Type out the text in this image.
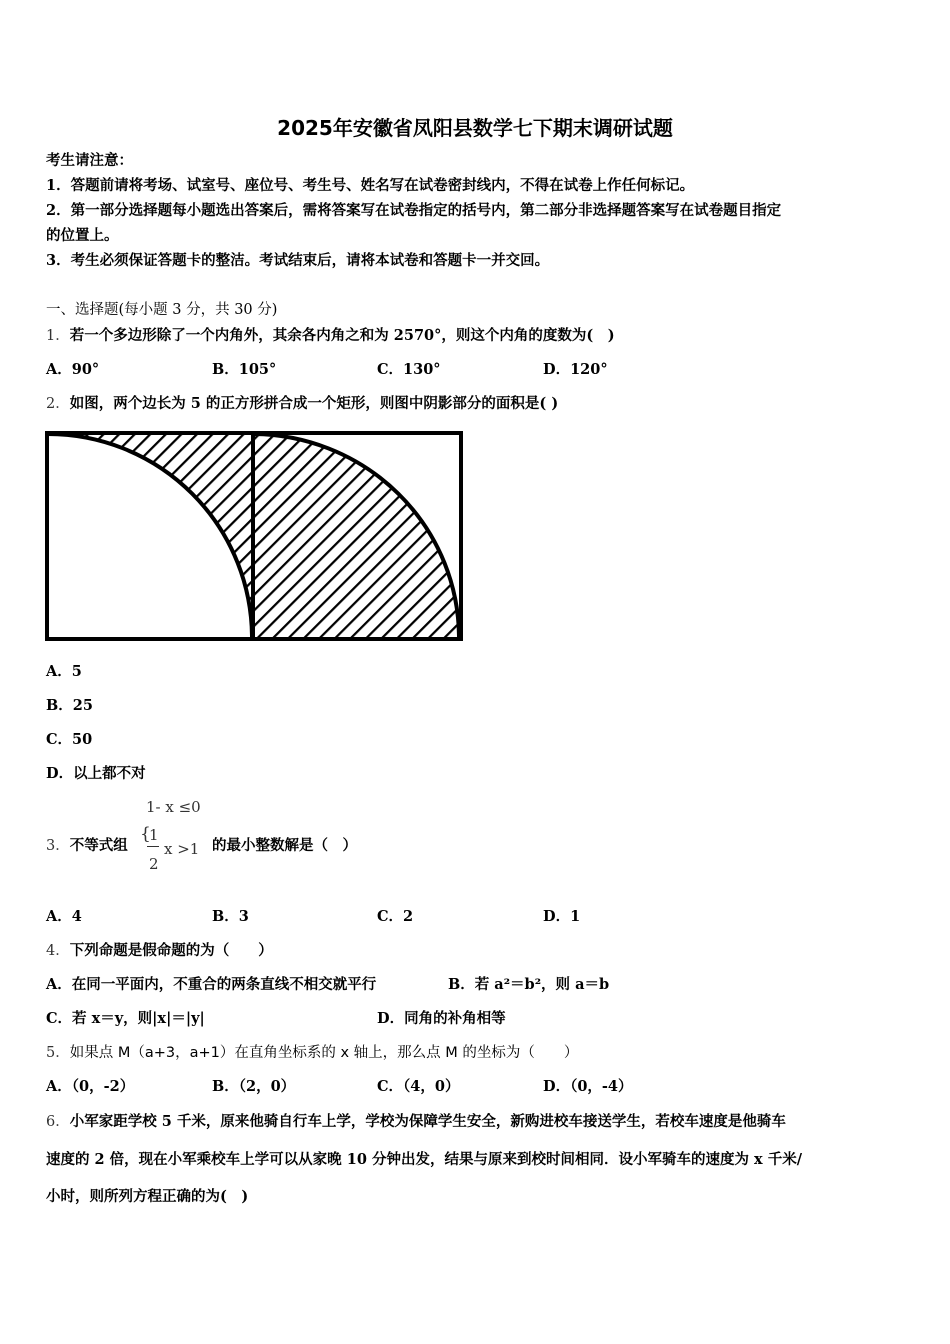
2025年安徽省凤阳县数学七下期末调研试题
考生请注意：
1．答题前请将考场、试室号、座位号、考生号、姓名写在试卷密封线内，不得在试卷上作任何标记。
2．第一部分选择题每小题选出答案后，需将答案写在试卷指定的括号内，第二部分非选择题答案写在试卷题目指定
的位置上。
3．考生必须保证答题卡的整洁。考试结束后，请将本试卷和答题卡一并交回。
一、选择题(每小题 3 分，共 30 分)
1．若一个多边形除了一个内角外，其余各内角之和为 2570°，则这个内角的度数为(　)
A．90°	B．105°	C．130°	D．120°
2．如图，两个边长为 5 的正方形拼合成一个矩形，则图中阴影部分的面积是( )
A．5
B．25
C．50
D．以上都不对
3．不等式组
1- x ≤0
{
1
2
x >1 的最小整数解是（　）
A．4	B．3	C．2	D．1
4．下列命题是假命题的为（　　）
A．在同一平面内，不重合的两条直线不相交就平行	B．若 a²＝b²，则 a＝b
C．若 x＝y，则|x|＝|y|	D．同角的补角相等
5．如果点 M（a+3，a+1）在直角坐标系的 x 轴上，那么点 M 的坐标为（　　）
A．（0，-2）	B．（2，0）	C．（4，0）	D．（0，-4）
6．小军家距学校 5 千米，原来他骑自行车上学，学校为保障学生安全，新购进校车接送学生，若校车速度是他骑车
速度的 2 倍，现在小军乘校车上学可以从家晚 10 分钟出发，结果与原来到校时间相同．设小军骑车的速度为 x 千米/
小时，则所列方程正确的为(　)
